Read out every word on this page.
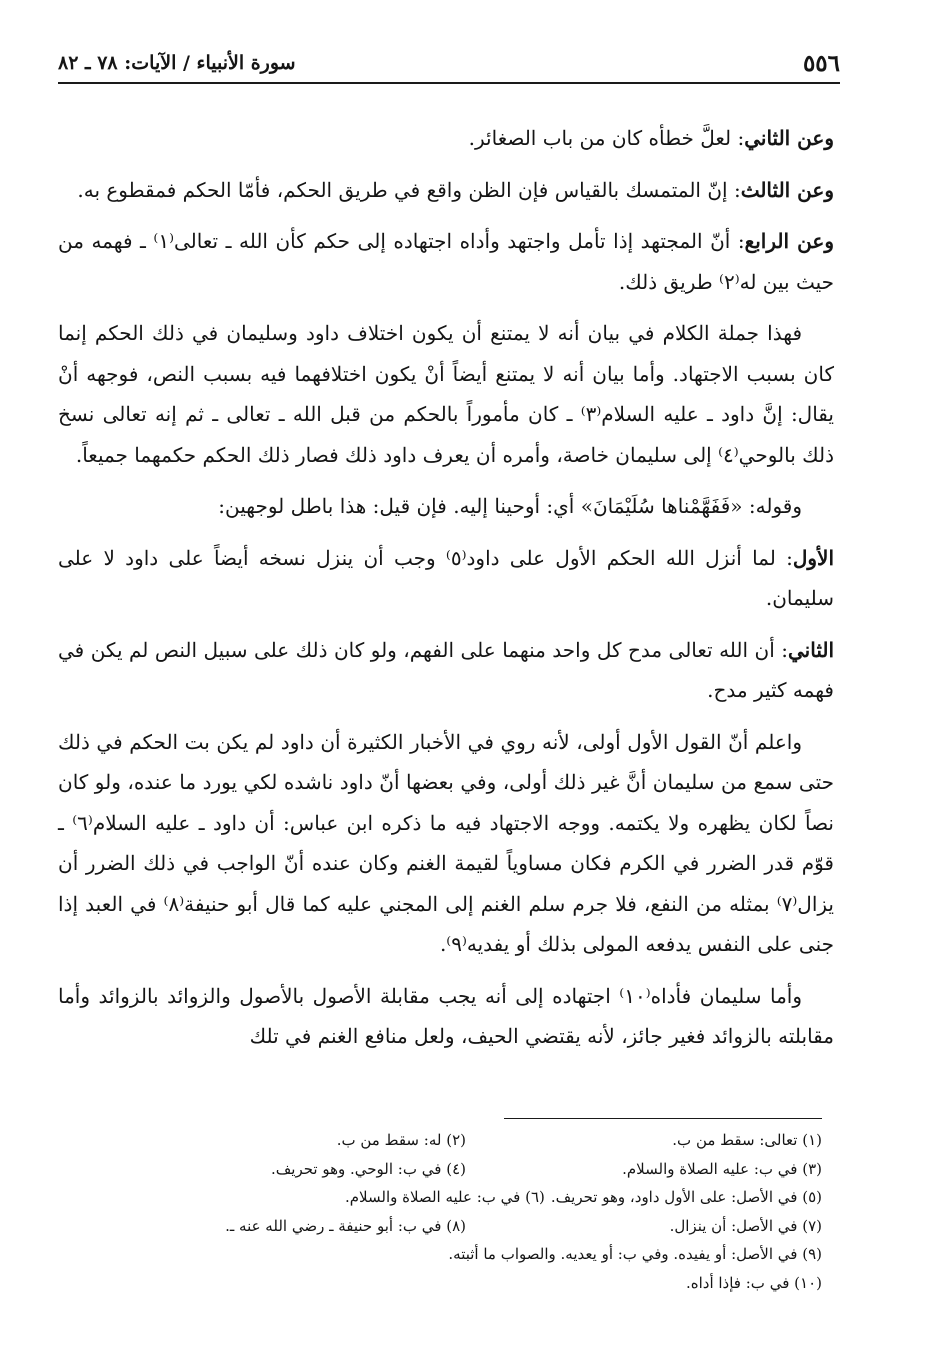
٥٥٦
سورة الأنبياء / الآيات: ٧٨ ـ ٨٢

وعن الثاني: لعلَّ خطأه كان من باب الصغائر.

وعن الثالث: إنّ المتمسك بالقياس فإن الظن واقع في طريق الحكم، فأمّا الحكم فمقطوع به.

وعن الرابع: أنّ المجتهد إذا تأمل واجتهد وأداه اجتهاده إلى حكم كأن الله ـ تعالى⁽١⁾ ـ فهمه من حيث بين له⁽٢⁾ طريق ذلك.

فهذا جملة الكلام في بيان أنه لا يمتنع أن يكون اختلاف داود وسليمان في ذلك الحكم إنما كان بسبب الاجتهاد. وأما بيان أنه لا يمتنع أيضاً أنْ يكون اختلافهما فيه بسبب النص، فوجهه أنْ يقال: إنَّ داود ـ عليه السلام⁽٣⁾ ـ كان مأموراً بالحكم من قبل الله ـ تعالى ـ ثم إنه تعالى نسخ ذلك بالوحي⁽٤⁾ إلى سليمان خاصة، وأمره أن يعرف داود ذلك فصار ذلك الحكم حكمهما جميعاً.

وقوله: «فَفَهَّمْناها سُلَيْمَانَ» أي: أوحينا إليه. فإن قيل: هذا باطل لوجهين:

الأول: لما أنزل الله الحكم الأول على داود⁽٥⁾ وجب أن ينزل نسخه أيضاً على داود لا على سليمان.

الثاني: أن الله تعالى مدح كل واحد منهما على الفهم، ولو كان ذلك على سبيل النص لم يكن في فهمه كثير مدح.

واعلم أنّ القول الأول أولى، لأنه روي في الأخبار الكثيرة أن داود لم يكن بت الحكم في ذلك حتى سمع من سليمان أنَّ غير ذلك أولى، وفي بعضها أنّ داود ناشده لكي يورد ما عنده، ولو كان نصاً لكان يظهره ولا يكتمه. ووجه الاجتهاد فيه ما ذكره ابن عباس: أن داود ـ عليه السلام⁽٦⁾ ـ قوّم قدر الضرر في الكرم فكان مساوياً لقيمة الغنم وكان عنده أنّ الواجب في ذلك الضرر أن يزال⁽٧⁾ بمثله من النفع، فلا جرم سلم الغنم إلى المجني عليه كما قال أبو حنيفة⁽٨⁾ في العبد إذا جنى على النفس يدفعه المولى بذلك أو يفديه⁽٩⁾.

وأما سليمان فأداه⁽١٠⁾ اجتهاده إلى أنه يجب مقابلة الأصول بالأصول والزوائد بالزوائد وأما مقابلته بالزوائد فغير جائز، لأنه يقتضي الحيف، ولعل منافع الغنم في تلك

(١) تعالى: سقط من ب.
(٢) له: سقط من ب.
(٣) في ب: عليه الصلاة والسلام.
(٤) في ب: الوحي. وهو تحريف.
(٥) في الأصل: على الأول داود، وهو تحريف.
(٦) في ب: عليه الصلاة والسلام.
(٧) في الأصل: أن ينزال.
(٨) في ب: أبو حنيفة ـ رضي الله عنه ـ.
(٩) في الأصل: أو يفيده. وفي ب: أو يعديه. والصواب ما أثبته.
(١٠) في ب: فإذا أداه.
